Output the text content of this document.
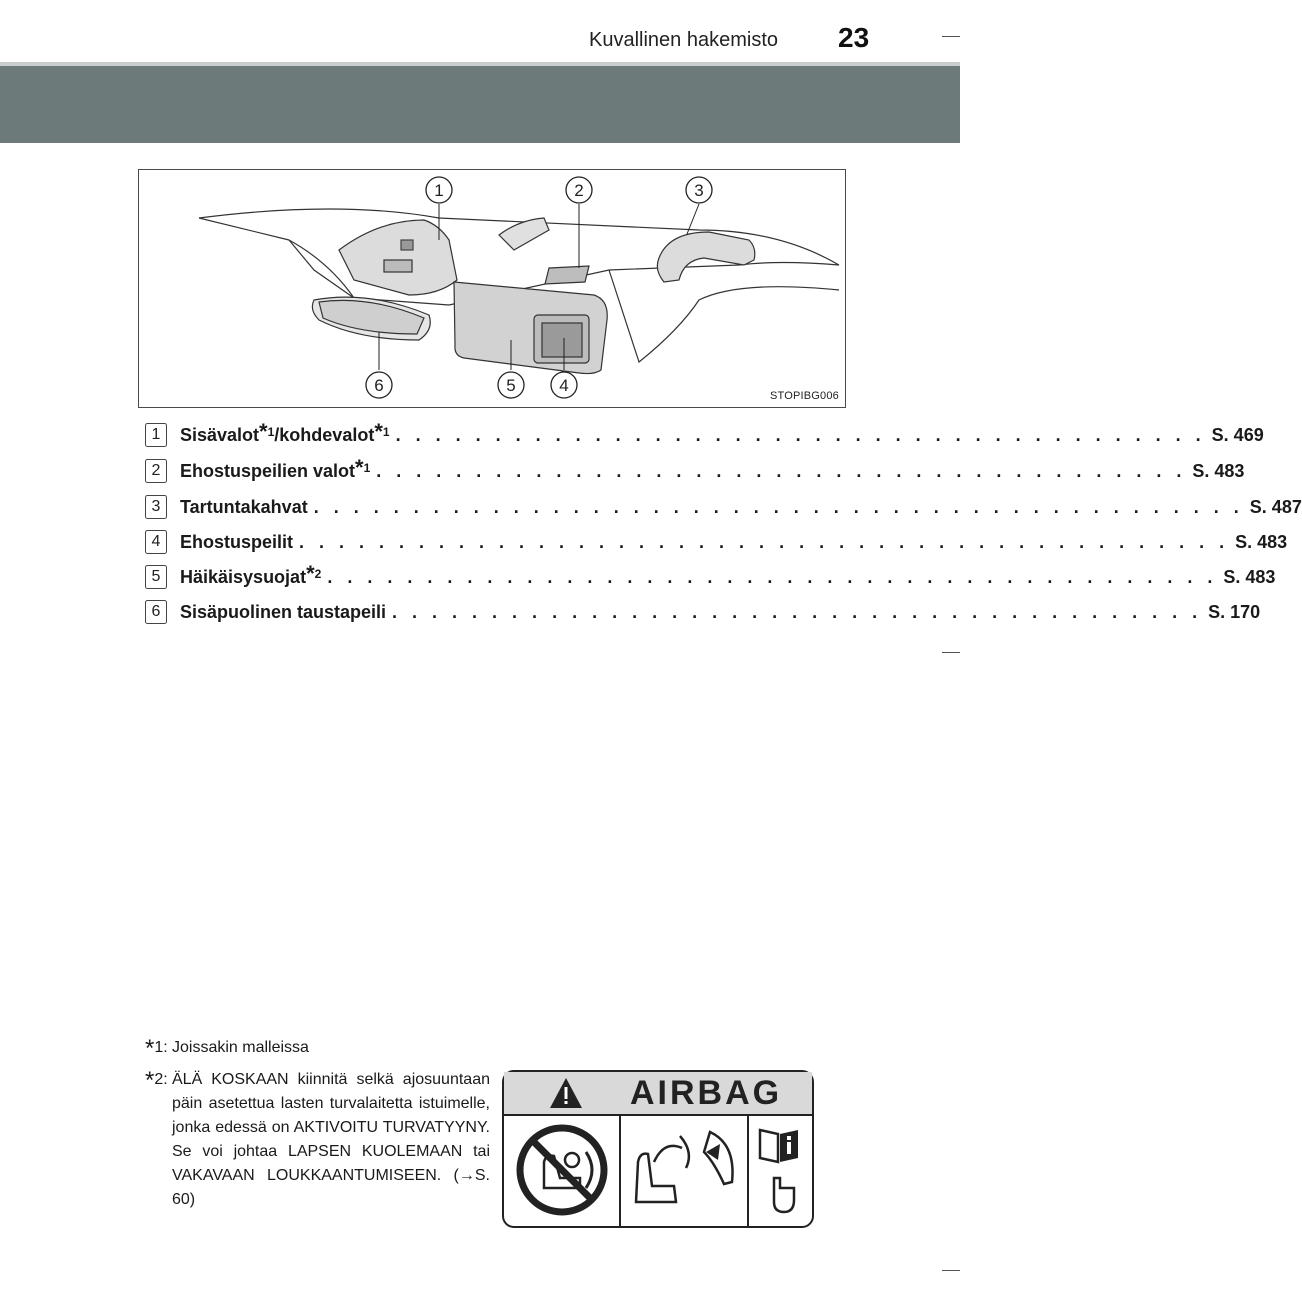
Kuvallinen hakemisto 23
1	2	3
4
5
6
STOPIBG006
1 Sisävalot $^{*1}$ /kohdevalot $^{*1}$ . . . . . . . . . . . . . . . . . . . . . . . . . . . . . . . . . . . . . . . . . S. 469
2 Ehostuspeilien valot $^{*1}$ . . . . . . . . . . . . . . . . . . . . . . . . . . . . . . . . . . . . . . . . . S. 483
3 Tartuntakahvat . . . . . . . . . . . . . . . . . . . . . . . . . . . . . . . . . . . . . . . . . . . . . . . S. 487
4 Ehostuspeilit . . . . . . . . . . . . . . . . . . . . . . . . . . . . . . . . . . . . . . . . . . . . . . . S. 483
5 Häikäisysuojat $^{*2}$ . . . . . . . . . . . . . . . . . . . . . . . . . . . . . . . . . . . . . . . . . . . . . S. 483
6 Sisäpuolinen taustapeili . . . . . . . . . . . . . . . . . . . . . . . . . . . . . . . . . . . . . . . . . S. 170
*1: Joissakin malleissa
*2: ÄLÄ KOSKAAN kiinnitä selkä ajosuuntaan päin asetettua lasten turvalaitetta istuimelle, jonka edessä on AKTIVOITU TURVATYYNY. Se voi johtaa LAPSEN KUOLEMAAN tai VAKAVAAN LOUKKAANTUMISEEN. (→S. 60)
AIRBAG
